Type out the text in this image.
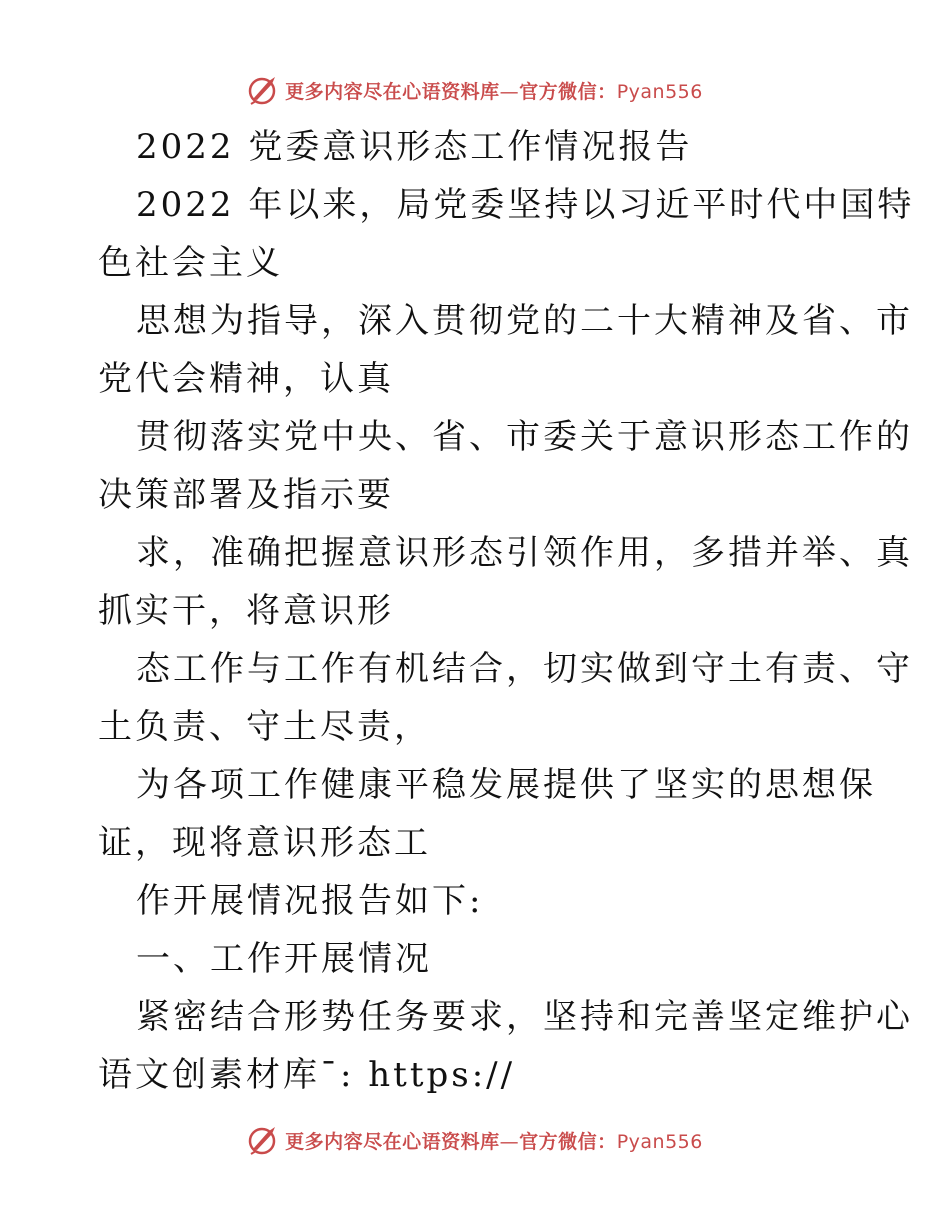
更多内容尽在心语资料库—官方微信：Pyan556
2022 党委意识形态工作情况报告
2022 年以来，局党委坚持以习近平时代中国特
色社会主义
思想为指导，深入贯彻党的二十大精神及省、市
党代会精神，认真
贯彻落实党中央、省、市委关于意识形态工作的
决策部署及指示要
求，准确把握意识形态引领作用，多措并举、真
抓实干，将意识形
态工作与工作有机结合，切实做到守土有责、守
土负责、守土尽责，
为各项工作健康平稳发展提供了坚实的思想保
证，现将意识形态工
作开展情况报告如下:
一、工作开展情况
紧密结合形势任务要求，坚持和完善坚定维护心
语文创素材库¯: https://
更多内容尽在心语资料库—官方微信：Pyan556
